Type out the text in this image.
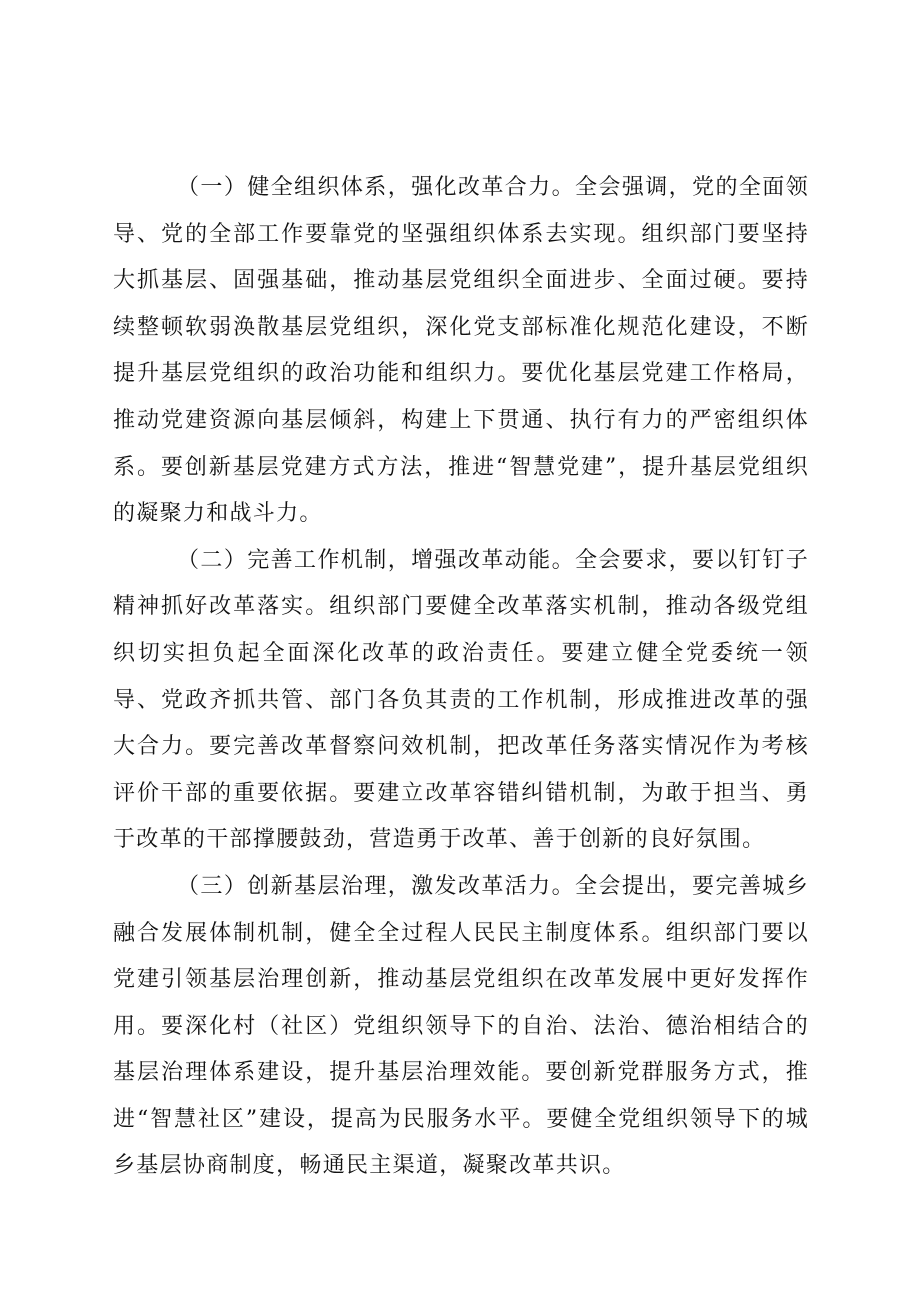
（一）健全组织体系，强化改革合力。全会强调，党的全面领导、党的全部工作要靠党的坚强组织体系去实现。组织部门要坚持大抓基层、固强基础，推动基层党组织全面进步、全面过硬。要持续整顿软弱涣散基层党组织，深化党支部标准化规范化建设，不断提升基层党组织的政治功能和组织力。要优化基层党建工作格局，推动党建资源向基层倾斜，构建上下贯通、执行有力的严密组织体系。要创新基层党建方式方法，推进“智慧党建”，提升基层党组织的凝聚力和战斗力。

（二）完善工作机制，增强改革动能。全会要求，要以钉钉子精神抓好改革落实。组织部门要健全改革落实机制，推动各级党组织切实担负起全面深化改革的政治责任。要建立健全党委统一领导、党政齐抓共管、部门各负其责的工作机制，形成推进改革的强大合力。要完善改革督察问效机制，把改革任务落实情况作为考核评价干部的重要依据。要建立改革容错纠错机制，为敢于担当、勇于改革的干部撑腰鼓劲，营造勇于改革、善于创新的良好氛围。

（三）创新基层治理，激发改革活力。全会提出，要完善城乡融合发展体制机制，健全全过程人民民主制度体系。组织部门要以党建引领基层治理创新，推动基层党组织在改革发展中更好发挥作用。要深化村（社区）党组织领导下的自治、法治、德治相结合的基层治理体系建设，提升基层治理效能。要创新党群服务方式，推进“智慧社区”建设，提高为民服务水平。要健全党组织领导下的城乡基层协商制度，畅通民主渠道，凝聚改革共识。
